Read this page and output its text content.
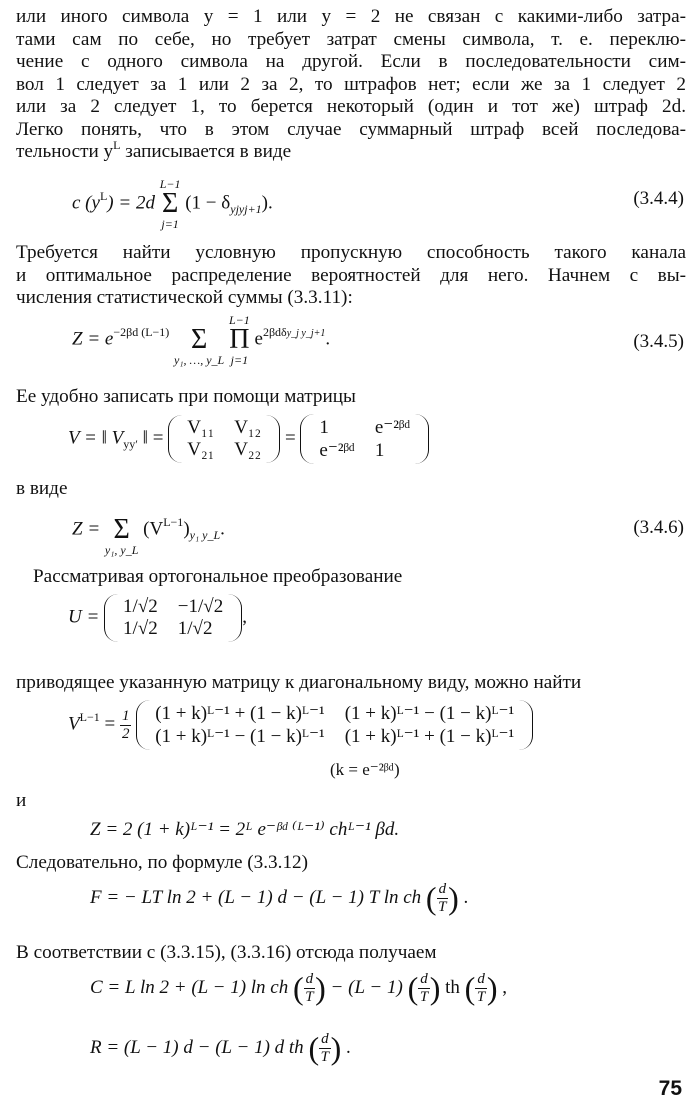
или иного символа y = 1 или y = 2 не связан с какими-либо затра-
тами сам по себе, но требует затрат смены символа, т. е. переклю-
чение с одного символа на другой. Если в последовательности сим-
вол 1 следует за 1 или 2 за 2, то штрафов нет; если же за 1 следует 2
или за 2 следует 1, то берется некоторый (один и тот же) штраф 2d.
Легко понять, что в этом случае суммарный штраф всей последова-
тельности $y^L$ записывается в виде
c $(y^L) = 2d$
L−1
Σ
j=1
$(1 - \delta_{yjyj+1})$.	(3.4.4)
Требуется найти условную пропускную способность такого канала
и оптимальное распределение вероятностей для него. Начнем с вы-
числения статистической суммы (3.3.11):
$Z = e^{-2\beta d (L-1)}$
Σ
y₁, …, y_L

L−1
Π
j=1
$e^{2\beta d\delta y\_j y\_j+1}$.	(3.4.5)
Ее удобно записать при помощи матрицы
V = ‖ $V_{yy'}$ ‖ = V₁₁	V₁₂
V₂₁	V₂₂
=
1	e⁻²ᵝᵈ
e⁻²ᵝᵈ	1
в виде
Z =
Σ
y₁, y_L
$(V^{L-1})_{y_1 y\_L}$.	(3.4.6)
Рассматривая ортогональное преобразование
U = 1/√2	−1/√2
1/√2	1/√2
,
приводящее указанную матрицу к диагональному виду, можно найти
$V^{L-1} = \frac{1}{2}$
(1 + k)ᴸ⁻¹ + (1 − k)ᴸ⁻¹	(1 + k)ᴸ⁻¹ − (1 − k)ᴸ⁻¹
(1 + k)ᴸ⁻¹ − (1 − k)ᴸ⁻¹	(1 + k)ᴸ⁻¹ + (1 − k)ᴸ⁻¹
(k = e⁻²ᵝᵈ)
и
Z = 2 (1 + k)ᴸ⁻¹ = 2ᴸ e⁻ᵝᵈ ⁽ᴸ⁻¹⁾ chᴸ⁻¹ βd.
Следовательно, по формуле (3.3.12)
F = − LT ln 2 + (L − 1) d − (L − 1) T ln ch ( $\frac{d}{T}$ ) .
В соответствии с (3.3.15), (3.3.16) отсюда получаем
C = L ln 2 + (L − 1) ln ch ( $\frac{d}{T}$ ) − (L − 1) ( $\frac{d}{T}$ ) th ( $\frac{d}{T}$ ) ,
R = (L − 1) d − (L − 1) d th ( $\frac{d}{T}$ ) .
75
